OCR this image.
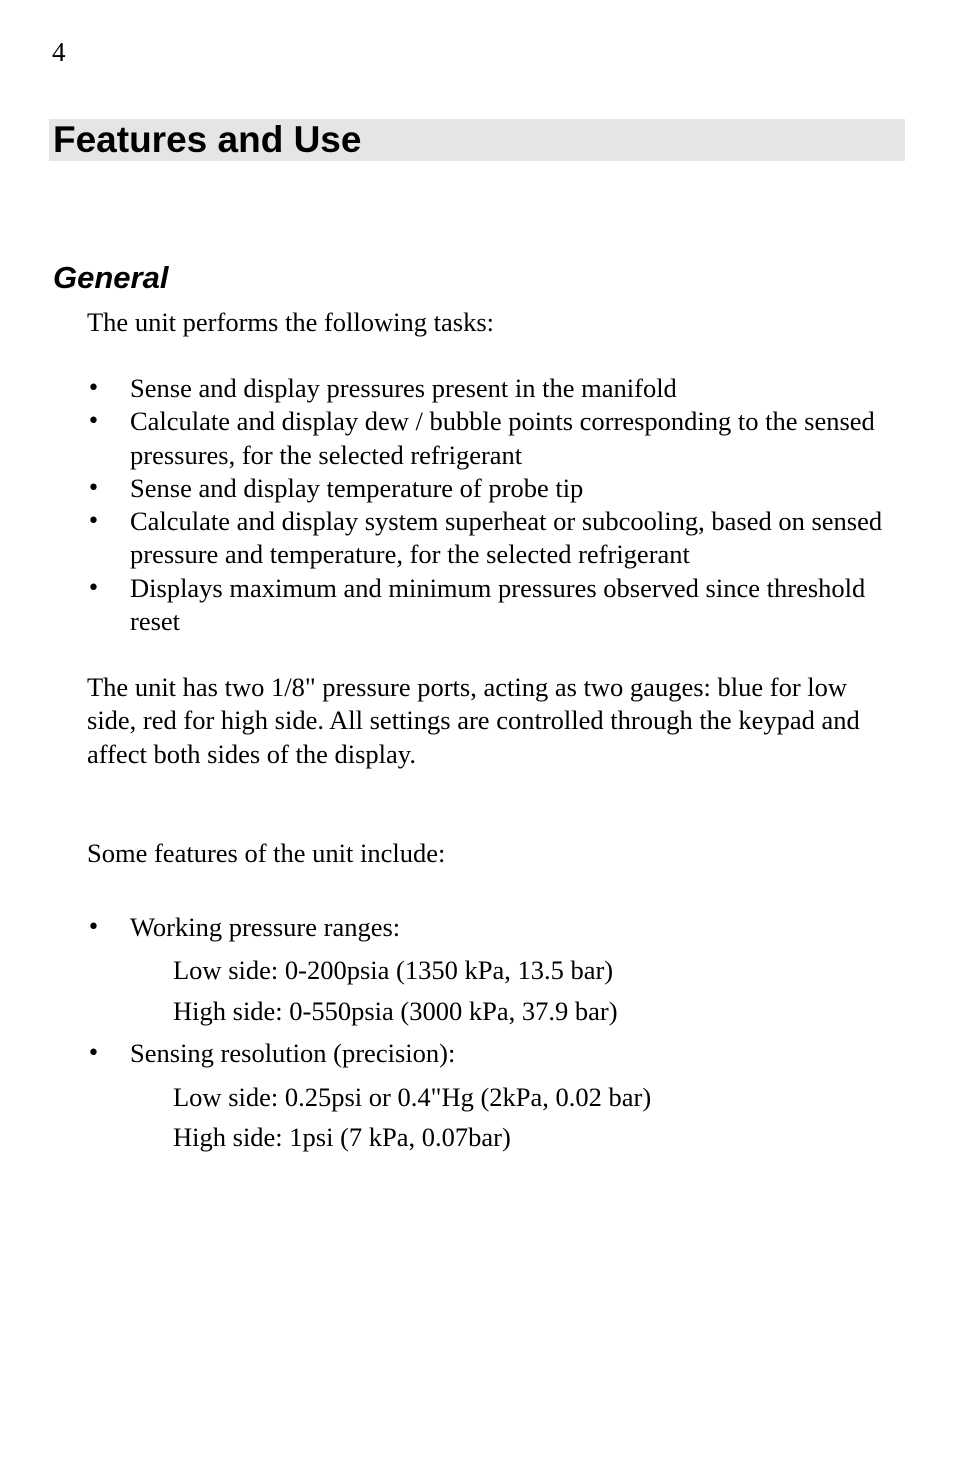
4
Features and Use
General

The unit performs the following tasks:

• Sense and display pressures present in the manifold
• Calculate and display dew / bubble points corresponding to the sensed pressures, for the selected refrigerant
• Sense and display temperature of probe tip
• Calculate and display system superheat or subcooling, based on sensed pressure and temperature, for the selected refrigerant
• Displays maximum and minimum pressures observed since threshold reset

The unit has two 1/8" pressure ports, acting as two gauges: blue for low side, red for high side. All settings are controlled through the keypad and affect both sides of the display.

Some features of the unit include:

• Working pressure ranges:
Low side: 0-200psia (1350 kPa, 13.5 bar)
High side: 0-550psia (3000 kPa, 37.9 bar)
• Sensing resolution (precision):
Low side: 0.25psi or 0.4"Hg (2kPa, 0.02 bar)
High side: 1psi (7 kPa, 0.07bar)
